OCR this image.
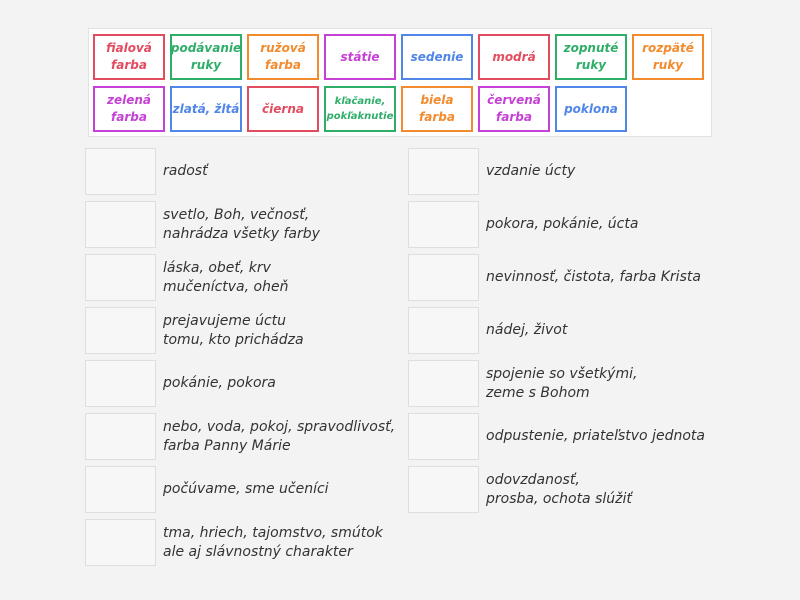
fialová
farba
podávanie
ruky
ružová
farba
státie	sedenie modrá
zopnuté
ruky
rozpäté
ruky
zelená
farba
zlatá, žltá čierna	kľačanie,
pokľaknutie
biela
farba
červená
farba
poklona
radosť
svetlo, Boh, večnosť,
nahrádza všetky farby
láska, obeť, krv
mučeníctva, oheň
prejavujeme úctu
tomu, kto prichádza
pokánie, pokora
nebo, voda, pokoj, spravodlivosť,
farba Panny Márie
počúvame, sme učeníci
tma, hriech, tajomstvo, smútok
ale aj slávnostný charakter
vzdanie úcty
pokora, pokánie, úcta
nevinnosť, čistota, farba Krista
nádej, život
spojenie so všetkými,
zeme s Bohom
odpustenie, priateľstvo jednota
odovzdanosť,
prosba, ochota slúžiť
